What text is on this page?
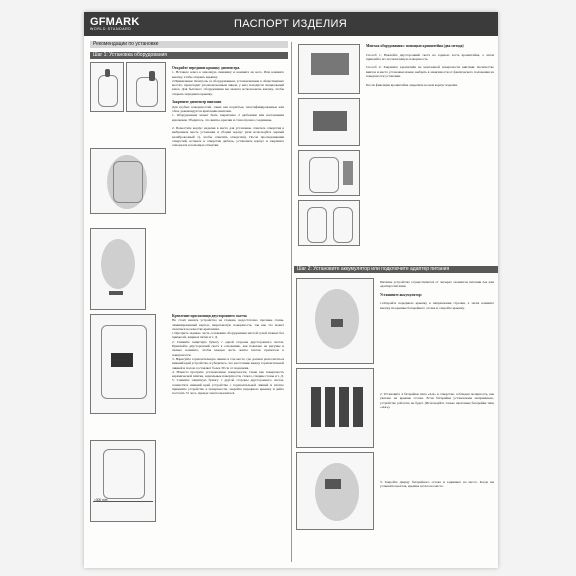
GFMARK
WORLD STANDARD	ПАСПОРТ ИЗДЕЛИЯ
Рекомендации по установке
Шаг 1: Установка оборудования
>300 mm
Откройте переднюю крышку диспенсера.
1. Вставьте ключ в замочную скважину и нажмите на него. Или нажмите кнопку, чтобы открыть крышку.
2.Примечание: Контроль за оборудованием, установленным в общественных местах, происходит уполномоченным лицом, у него находится специальный ключ. Для бытового оборудования вы можете использовать кнопку, чтобы открыть переднюю крышку.

Закрепите диспенсер винтами
Для грубых поверхностей, таких как пористые, пластифицированные или обои, рекомендуется крепление винтами.
1. Оборудование может быть закреплено 2 дюбелями или настенными крючками. Убедитесь, что винты, крючки и стена прочно соединены.

2. Поместите корпус изделия в месте для установки, отметьте отверстия в выбранном месте установки и сборки корпус (или используйте черный калибровочный 1), чтобы отметить отверстия). После просверливания отверстий, вставьте в отверстия дюбель, установите корпус и закрепите саморезом в помощью отвертки.
Крепление при помощи двустороннего скотча
Не стоит вешать устройство на гладкие, недостаточно прочные стены, ламинированный картон, шероховатую поверхность, так как это может сказаться на качестве крепления.
1.Протрите заднюю часть основания оборудования чистой сухой тканью без примесей, жирных пятен и т. Д.
2. Снимите защитную бумагу с одной стороны двустороннего скотча. Приклейте двусторонний скотч к основанию, как показано на рисунке и сильно нажмите, чтобы каждая часть ленты плотно прилегала к поверхности.
3. Нарисуйте горизонтальную линию в том месте, где должен располагаться нижний край устройства, и убедитесь, что расстояние между горизонтальной линией и полом составляет более 30 см от подножия.
4. Начисто протрите установочные поверхности, такие как поверхность керамической плитки, зеркальные поверхности, стекло, гладкие стены и т. Д.
5. Снимите защитную бумагу с другой стороны двустороннего скотча, совместите нижний край устройства с горизонтальной линией и плотно прижмите устройство к поверхности, закройте переднюю крышку и дайте постоять 72 часа, прежде чем пользоваться.
Монтаж оборудования с помощью кронштейна (два метода)

Способ 1: Наклейте двусторонний скотч на заднюю часть кронштейна, а затем приклейте его на монтажную поверхность.

Способ 2: Закрепите кронштейн на монтажной поверхности винтами. Количество винтов и место установки можно выбрать в зависимости от фактического положения на поверхности установки.

После фиксации кронштейна закрепите на нем корпус изделия.
Шаг 2: Установите аккумулятор или подключите адаптер питания
Питание устройства осуществляется от четырех элементов питания АА или адаптера питания.

Установите аккумулятор:

1.Откройте переднюю крышку в направлении стрелки, а затем нажмите кнопку на крышке батарейного отсека и откройте крышку.
2. Установите 4 батарейки типа «AA» в отверстие, соблюдая полярность, как указано на крышке отсека. Если батарейки установлены неправильно, устройство работать не будет. (Используйте только щелочные батарейки типа «AA»).
3. Закройте дверцу батарейного отсека и задвиньте на место. Когда вы услышите щелчок, крышка встала на место.
